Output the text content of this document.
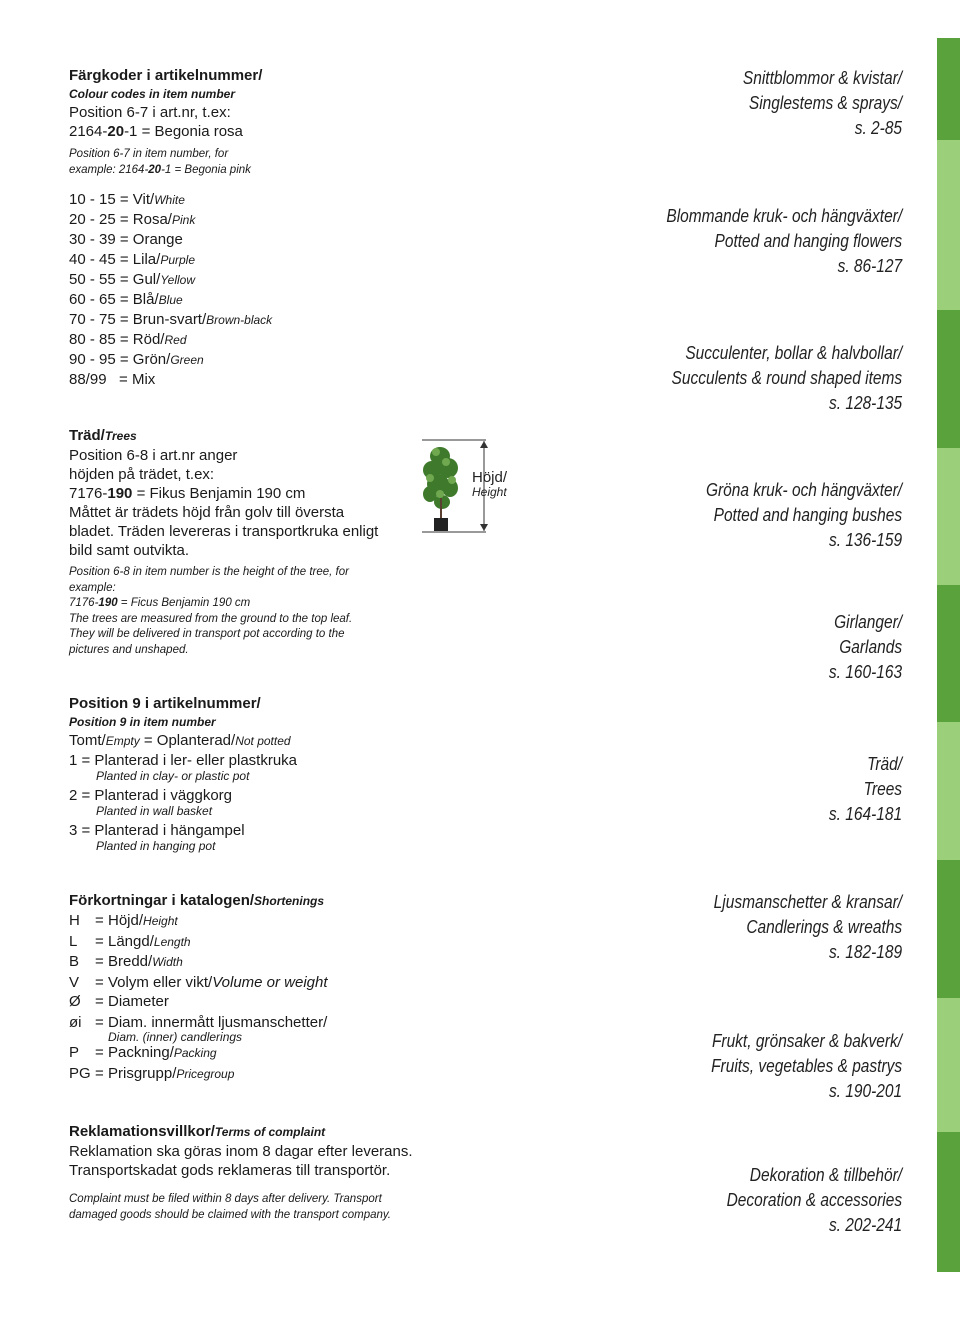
Färgkoder i artikelnummer/
Colour codes in item number
Position 6-7 i art.nr, t.ex:
2164-20-1 = Begonia rosa
Position 6-7 in item number, for
example: 2164-20-1 = Begonia pink
10 - 15 = Vit/White
20 - 25 = Rosa/Pink
30 - 39 = Orange
40 - 45 = Lila/Purple
50 - 55 = Gul/Yellow
60 - 65 = Blå/Blue
70 - 75 = Brun-svart/Brown-black
80 - 85 = Röd/Red
90 - 95 = Grön/Green
88/99   = Mix
Träd/Trees
Position 6-8 i art.nr anger
höjden på trädet, t.ex:
7176-190 = Fikus Benjamin 190 cm
Måttet är trädets höjd från golv till översta
bladet. Träden levereras i transportkruka enligt
bild samt outvikta.
Position 6-8 in item number is the height of the tree, for
example:
7176-190 = Ficus Benjamin 190 cm
The trees are measured from the ground to the top leaf.
They will be delivered in transport pot according to the
pictures and unshaped.
Position 9 i artikelnummer/
Position 9 in item number
Tomt/Empty = Oplanterad/Not potted
1 = Planterad i ler- eller plastkruka
Planted in clay- or plastic pot
2 = Planterad i väggkorg
Planted in wall basket
3 = Planterad i hängampel
Planted in hanging pot
Förkortningar i katalogen/Shortenings
H	= Höjd/Height
L	= Längd/Length
B	= Bredd/Width
V	= Volym eller vikt/Volume or weight
Ø = Diameter
øi = Diam. innermått ljusmanschetter/
Diam. (inner) candlerings
P	= Packning/Packing
PG = Prisgrupp/Pricegroup
Reklamationsvillkor/Terms of complaint
Reklamation ska göras inom 8 dagar efter leverans.
Transportskadat gods reklameras till transportör.
Complaint must be filed within 8 days after delivery. Transport
damaged goods should be claimed with the transport company.
Höjd/
Height
Snittblommor & kvistar/
Singlestems & sprays/
s. 2-85
Blommande kruk- och hängväxter/
Potted and hanging flowers
s. 86-127
Succulenter, bollar & halvbollar/
Succulents & round shaped items
s. 128-135
Gröna kruk- och hängväxter/
Potted and hanging bushes
s. 136-159
Girlanger/
Garlands
s. 160-163
Träd/
Trees
s. 164-181
Ljusmanschetter & kransar/
Candlerings & wreaths
s. 182-189
Frukt, grönsaker & bakverk/
Fruits, vegetables & pastrys
s. 190-201
Dekoration & tillbehör/
Decoration & accessories
s. 202-241
